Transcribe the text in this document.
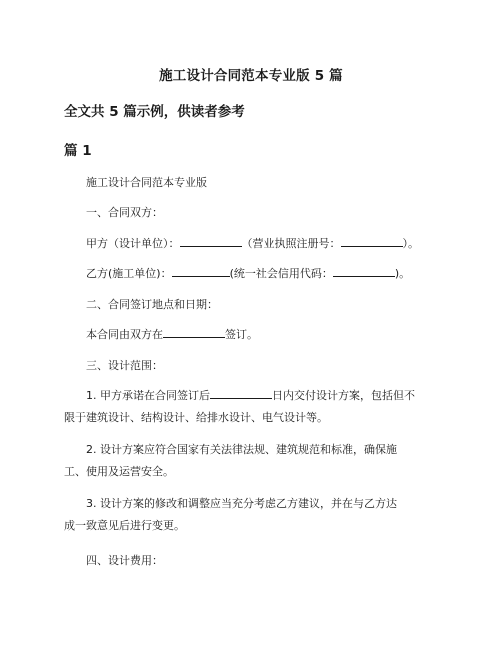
施工设计合同范本专业版 5 篇
全文共 5 篇示例，供读者参考
篇 1
施工设计合同范本专业版
一、合同双方：
甲方（设计单位）：	（营业执照注册号：	）。
乙方(施工单位)：	(统一社会信用代码：	)。
二、合同签订地点和日期：
本合同由双方在	签订。
三、设计范围：

1. 甲方承诺在合同签订后	日内交付设计方案，包括但不

限于建筑设计、结构设计、给排水设计、电气设计等。

2. 设计方案应符合国家有关法律法规、建筑规范和标准，确保施

工、使用及运营安全。

3. 设计方案的修改和调整应当充分考虑乙方建议，并在与乙方达

成一致意见后进行变更。

四、设计费用：
